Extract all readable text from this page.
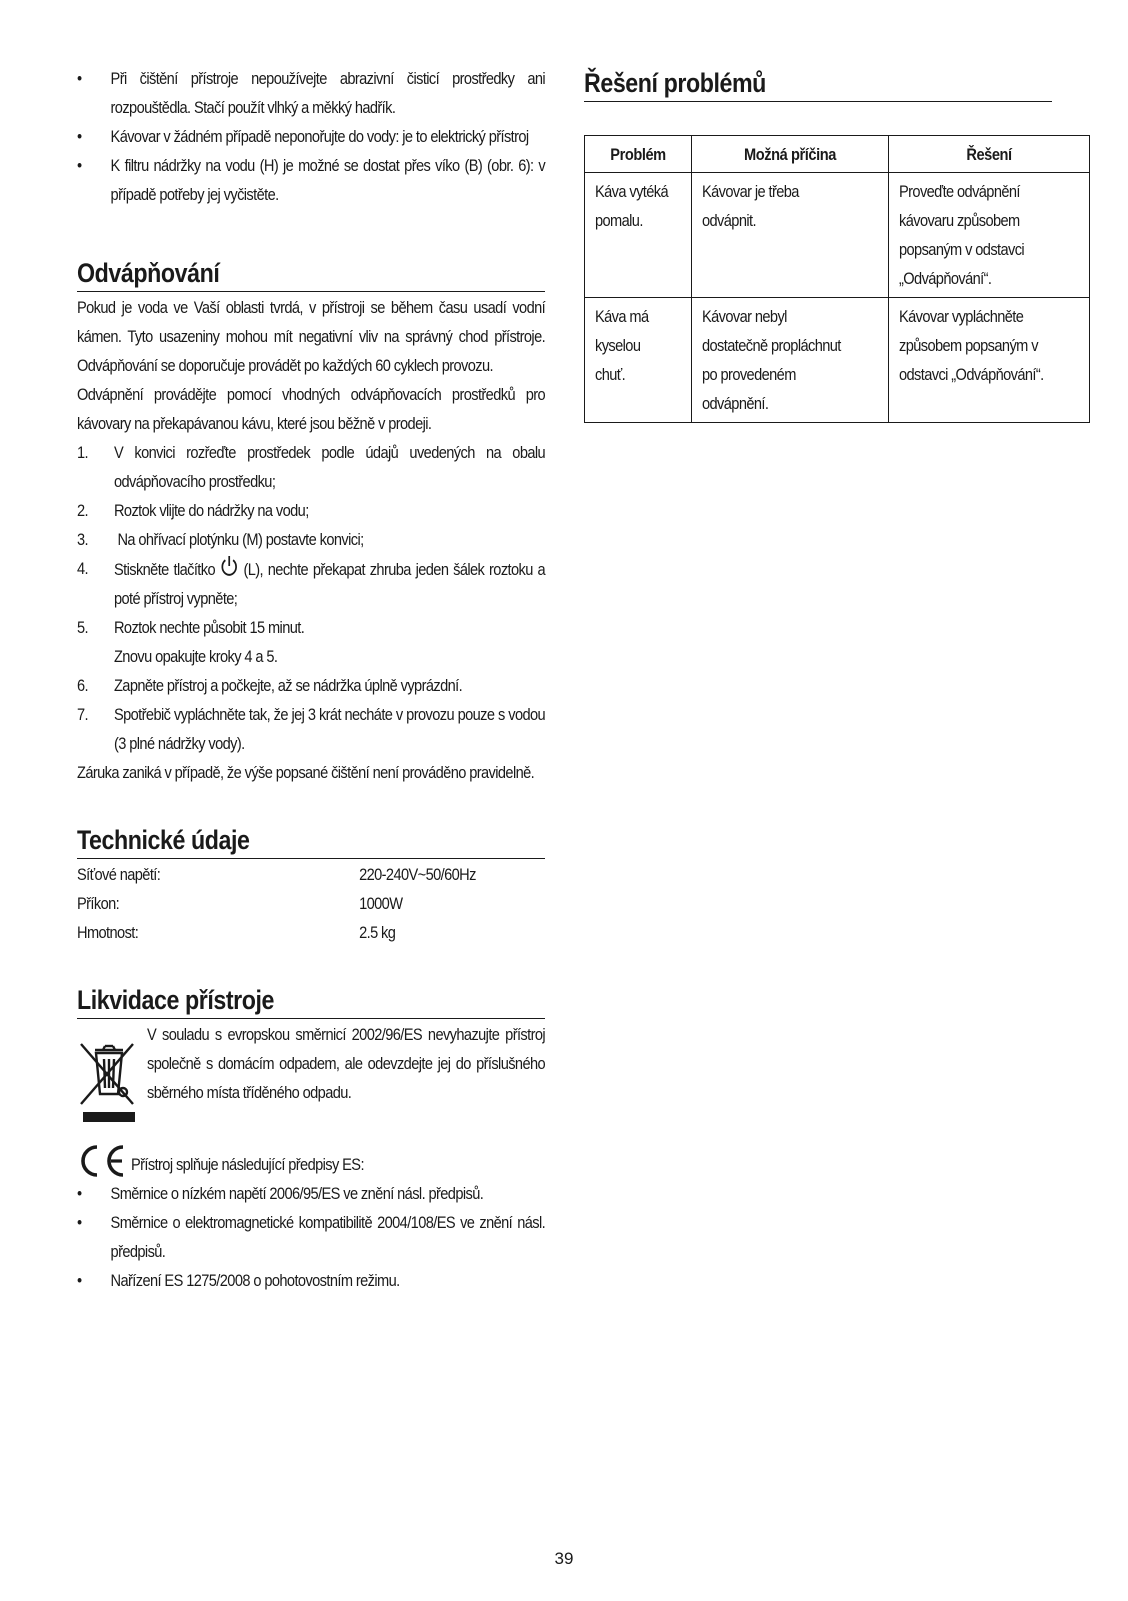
• Při čištění přístroje nepoužívejte abrazivní čisticí prostředky ani rozpouštědla. Stačí použít vlhký a měkký hadřík.
• Kávovar v žádném případě neponořujte do vody: je to elektrický přístroj
• K filtru nádržky na vodu (H) je možné se dostat přes víko (B) (obr. 6): v případě potřeby jej vyčistěte.
Odvápňování

Pokud je voda ve Vaší oblasti tvrdá, v přístroji se během času usadí vodní kámen. Tyto usazeniny mohou mít negativní vliv na správný chod přístroje. Odvápňování se doporučuje provádět po každých 60 cyklech provozu.

Odvápnění provádějte pomocí vhodných odvápňovacích prostředků pro kávovary na překapávanou kávu, které jsou běžně v prodeji.

1. V konvici rozřeďte prostředek podle údajů uvedených na obalu odvápňovacího prostředku;
2. Roztok vlijte do nádržky na vodu;
3. Na ohřívací plotýnku (M) postavte konvici;
4. Stiskněte tlačítko  (L), nechte překapat zhruba jeden šálek roztoku a poté přístroj vypněte;
5. Roztok nechte působit 15 minut.
Znovu opakujte kroky 4 a 5.
6. Zapněte přístroj a počkejte, až se nádržka úplně vyprázdní.
7. Spotřebič vypláchněte tak, že jej 3 krát necháte v provozu pouze s vodou (3 plné nádržky vody).

Záruka zaniká v případě, že výše popsané čištění není prováděno pravidelně.

Technické údaje
Síťové napětí:	220-240V~50/60Hz
Příkon:	1000W
Hmotnost:	2.5 kg
Likvidace přístroje

V souladu s evropskou směrnicí 2002/96/ES nevyhazujte přístroj společně s domácím odpadem, ale odevzdejte jej do příslušného sběrného místa tříděného odpadu.

Přístroj splňuje následující předpisy ES:
• Směrnice o nízkém napětí 2006/95/ES ve znění násl. předpisů.
• Směrnice o elektromagnetické kompatibilitě 2004/108/ES ve znění násl. předpisů.
• Nařízení ES 1275/2008 o pohotovostním režimu.
Řešení problémů
Problém	Možná příčina	Řešení

Káva vytéká pomalu.	Kávovar je třeba odvápnit.	Proveďte odvápnění kávovaru způsobem popsaným v odstavci „Odvápňování“.

Káva má kyselou chuť.	Kávovar nebyl dostatečně propláchnut po provedeném odvápnění.	Kávovar vypláchněte způsobem popsaným v odstavci „Odvápňování“.
39
